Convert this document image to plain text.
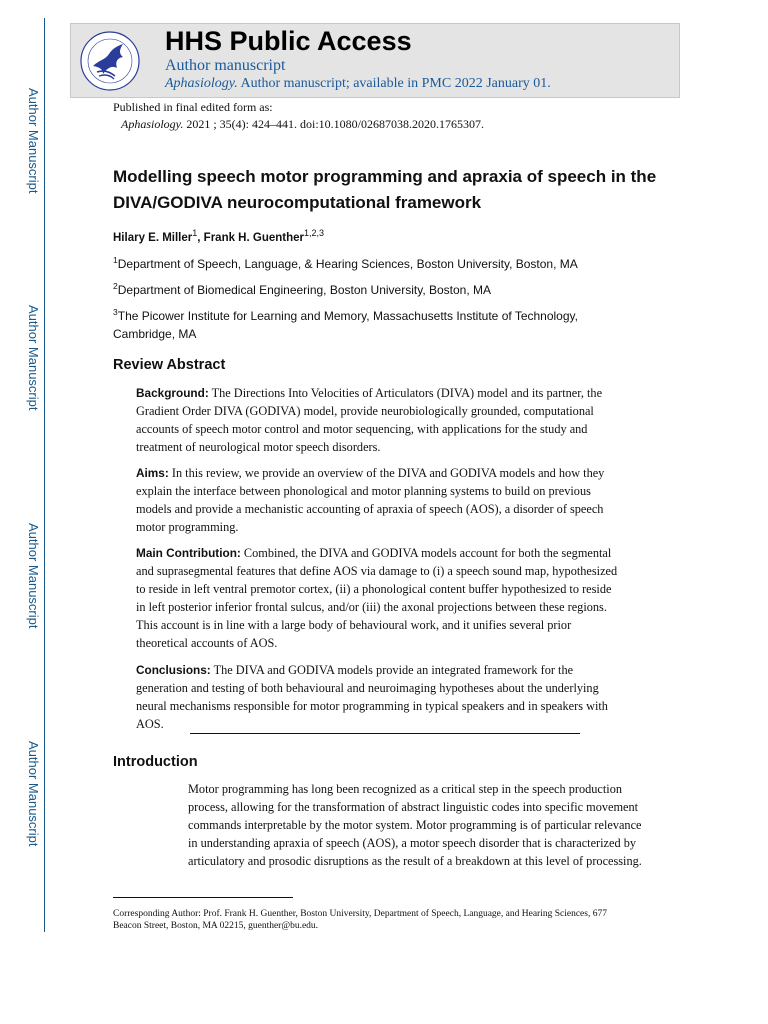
Author Manuscript
Author Manuscript
Author Manuscript
Author Manuscript
HHS Public Access
Author manuscript
Aphasiology. Author manuscript; available in PMC 2022 January 01.
Published in final edited form as:
Aphasiology. 2021 ; 35(4): 424–441. doi:10.1080/02687038.2020.1765307.
Modelling speech motor programming and apraxia of speech in the DIVA/GODIVA neurocomputational framework
Hilary E. Miller$^1$, Frank H. Guenther$^{1,2,3}$
$^1$Department of Speech, Language, & Hearing Sciences, Boston University, Boston, MA
$^2$Department of Biomedical Engineering, Boston University, Boston, MA
$^3$The Picower Institute for Learning and Memory, Massachusetts Institute of Technology, Cambridge, MA
Review Abstract
Background: The Directions Into Velocities of Articulators (DIVA) model and its partner, the
Gradient Order DIVA (GODIVA) model, provide neurobiologically grounded, computational
accounts of speech motor control and motor sequencing, with applications for the study and
treatment of neurological motor speech disorders.
Aims: In this review, we provide an overview of the DIVA and GODIVA models and how they
explain the interface between phonological and motor planning systems to build on previous
models and provide a mechanistic accounting of apraxia of speech (AOS), a disorder of speech
motor programming.
Main Contribution: Combined, the DIVA and GODIVA models account for both the segmental
and suprasegmental features that define AOS via damage to (i) a speech sound map, hypothesized
to reside in left ventral premotor cortex, (ii) a phonological content buffer hypothesized to reside
in left posterior inferior frontal sulcus, and/or (iii) the axonal projections between these regions.
This account is in line with a large body of behavioural work, and it unifies several prior
theoretical accounts of AOS.
Conclusions: The DIVA and GODIVA models provide an integrated framework for the
generation and testing of both behavioural and neuroimaging hypotheses about the underlying
neural mechanisms responsible for motor programming in typical speakers and in speakers with
AOS.
Introduction
Motor programming has long been recognized as a critical step in the speech production
process, allowing for the transformation of abstract linguistic codes into specific movement
commands interpretable by the motor system. Motor programming is of particular relevance
in understanding apraxia of speech (AOS), a motor speech disorder that is characterized by
articulatory and prosodic disruptions as the result of a breakdown at this level of processing.
Corresponding Author: Prof. Frank H. Guenther, Boston University, Department of Speech, Language, and Hearing Sciences, 677
Beacon Street, Boston, MA 02215, guenther@bu.edu.
